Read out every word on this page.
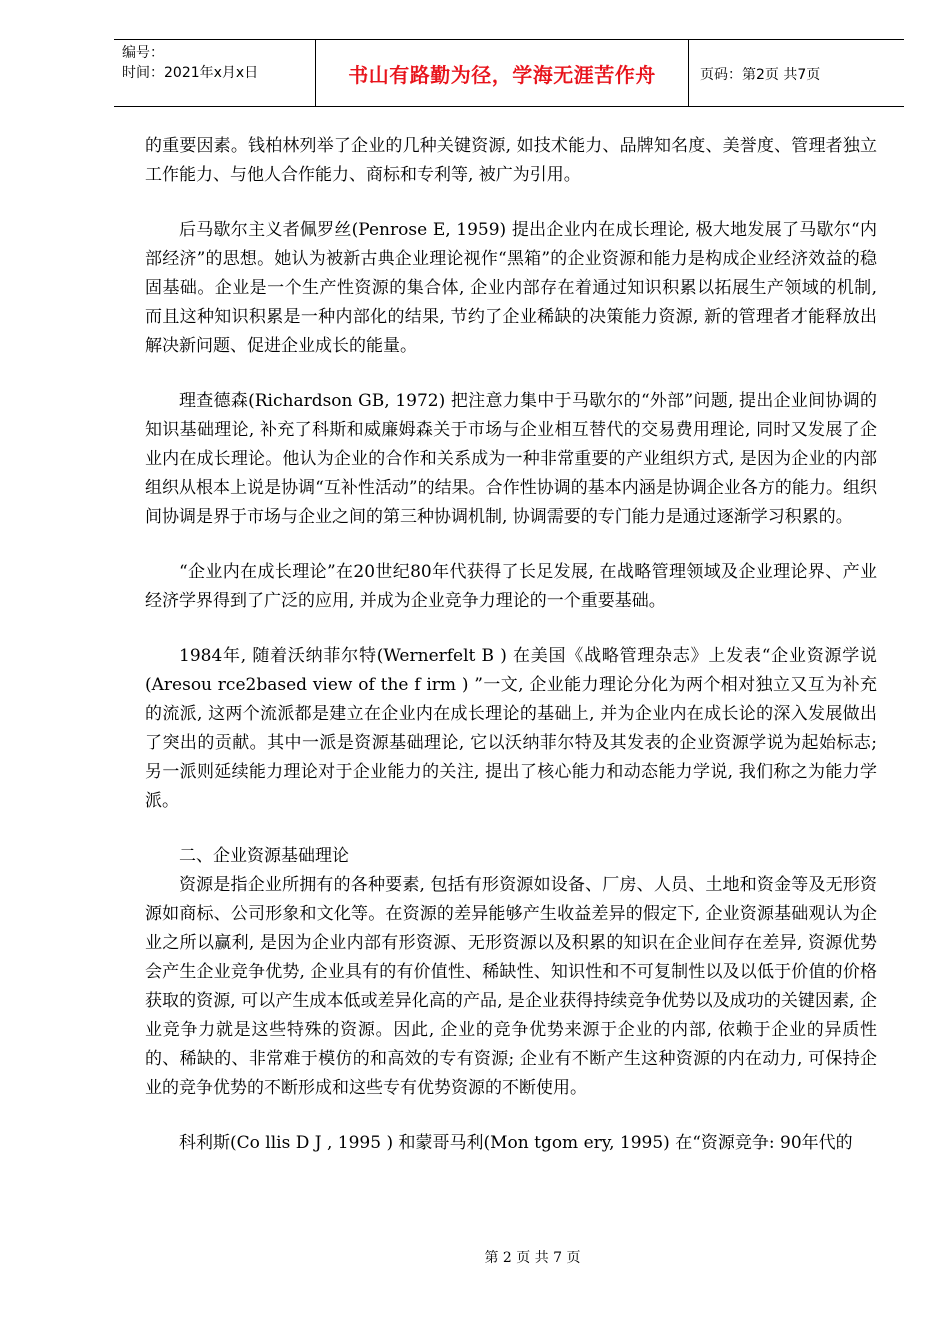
编号：
时间：2021年x月x日	书山有路勤为径，学海无涯苦作舟	页码：第2页 共7页

的重要因素。钱柏林列举了企业的几种关键资源, 如技术能力、品牌知名度、美誉度、管理者独立工作能力、与他人合作能力、商标和专利等, 被广为引用。

后马歇尔主义者佩罗丝(Penrose E, 1959) 提出企业内在成长理论, 极大地发展了马歇尔“内部经济”的思想。她认为被新古典企业理论视作“黑箱”的企业资源和能力是构成企业经济效益的稳固基础。企业是一个生产性资源的集合体, 企业内部存在着通过知识积累以拓展生产领域的机制, 而且这种知识积累是一种内部化的结果, 节约了企业稀缺的决策能力资源, 新的管理者才能释放出解决新问题、促进企业成长的能量。

理查德森(Richardson GB, 1972) 把注意力集中于马歇尔的“外部”问题, 提出企业间协调的知识基础理论, 补充了科斯和威廉姆森关于市场与企业相互替代的交易费用理论, 同时又发展了企业内在成长理论。他认为企业的合作和关系成为一种非常重要的产业组织方式, 是因为企业的内部组织从根本上说是协调“互补性活动”的结果。合作性协调的基本内涵是协调企业各方的能力。组织间协调是界于市场与企业之间的第三种协调机制, 协调需要的专门能力是通过逐渐学习积累的。

“企业内在成长理论”在20世纪80年代获得了长足发展, 在战略管理领域及企业理论界、产业经济学界得到了广泛的应用, 并成为企业竞争力理论的一个重要基础。

1984年, 随着沃纳菲尔特(Wernerfelt B ) 在美国《战略管理杂志》上发表“企业资源学说(Aresou rce2based view of the f irm ) ”一文, 企业能力理论分化为两个相对独立又互为补充的流派, 这两个流派都是建立在企业内在成长理论的基础上, 并为企业内在成长论的深入发展做出了突出的贡献。其中一派是资源基础理论, 它以沃纳菲尔特及其发表的企业资源学说为起始标志; 另一派则延续能力理论对于企业能力的关注, 提出了核心能力和动态能力学说, 我们称之为能力学派。

二、企业资源基础理论

资源是指企业所拥有的各种要素, 包括有形资源如设备、厂房、人员、土地和资金等及无形资源如商标、公司形象和文化等。在资源的差异能够产生收益差异的假定下, 企业资源基础观认为企业之所以赢利, 是因为企业内部有形资源、无形资源以及积累的知识在企业间存在差异, 资源优势会产生企业竞争优势, 企业具有的有价值性、稀缺性、知识性和不可复制性以及以低于价值的价格获取的资源, 可以产生成本低或差异化高的产品, 是企业获得持续竞争优势以及成功的关键因素, 企业竞争力就是这些特殊的资源。因此, 企业的竞争优势来源于企业的内部, 依赖于企业的异质性的、稀缺的、非常难于模仿的和高效的专有资源; 企业有不断产生这种资源的内在动力, 可保持企业的竞争优势的不断形成和这些专有优势资源的不断使用。

科利斯(Co llis D J , 1995 ) 和蒙哥马利(Mon tgom ery, 1995) 在“资源竞争: 90年代的

第 2 页 共 7 页
